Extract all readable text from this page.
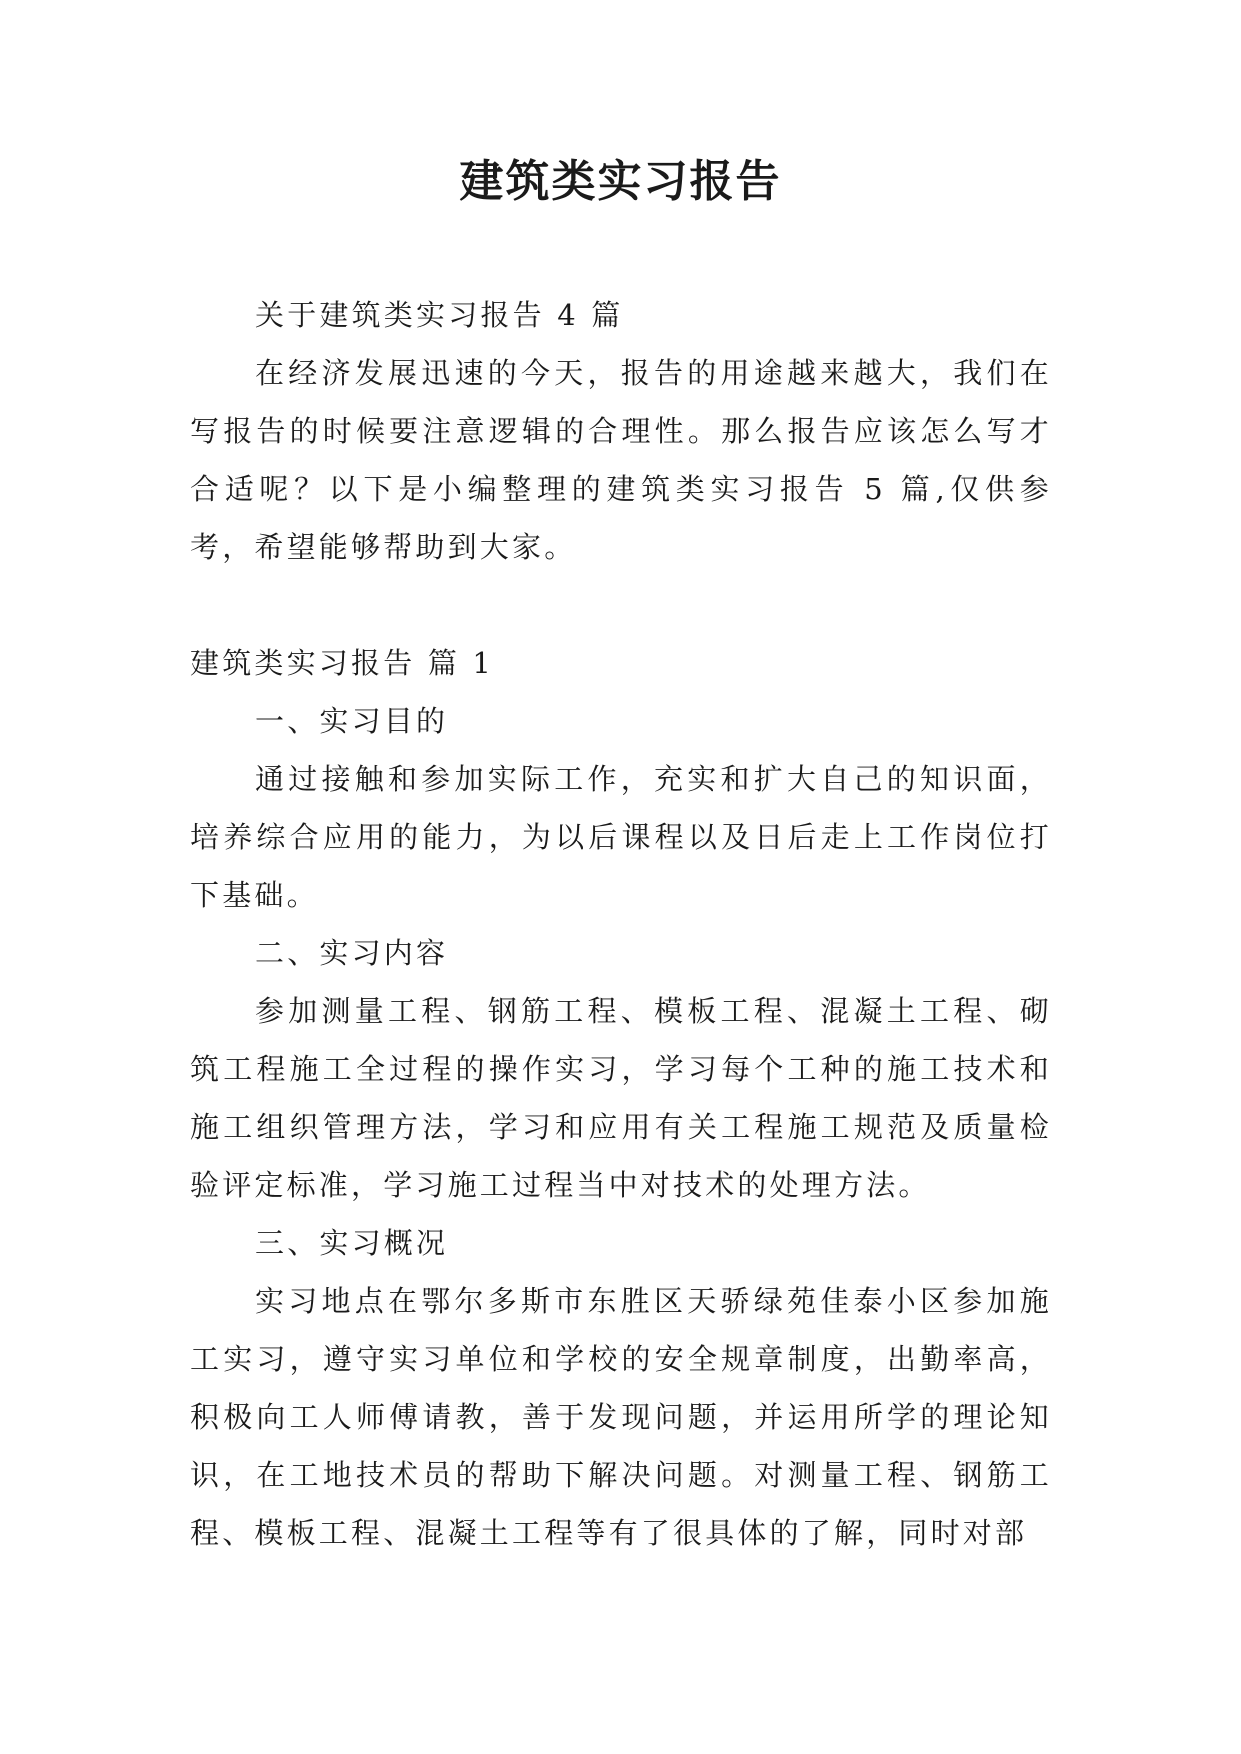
建筑类实习报告

关于建筑类实习报告 4 篇

在经济发展迅速的今天，报告的用途越来越大，我们在写报告的时候要注意逻辑的合理性。那么报告应该怎么写才合适呢？以下是小编整理的建筑类实习报告 5 篇,仅供参考，希望能够帮助到大家。

建筑类实习报告 篇 1

一、实习目的

通过接触和参加实际工作，充实和扩大自己的知识面，培养综合应用的能力，为以后课程以及日后走上工作岗位打下基础。

二、实习内容

参加测量工程、钢筋工程、模板工程、混凝土工程、砌筑工程施工全过程的操作实习，学习每个工种的施工技术和施工组织管理方法，学习和应用有关工程施工规范及质量检验评定标准，学习施工过程当中对技术的处理方法。

三、实习概况

实习地点在鄂尔多斯市东胜区天骄绿苑佳泰小区参加施工实习，遵守实习单位和学校的安全规章制度，出勤率高，积极向工人师傅请教，善于发现问题，并运用所学的理论知识，在工地技术员的帮助下解决问题。对测量工程、钢筋工程、模板工程、混凝土工程等有了很具体的了解，同时对部
